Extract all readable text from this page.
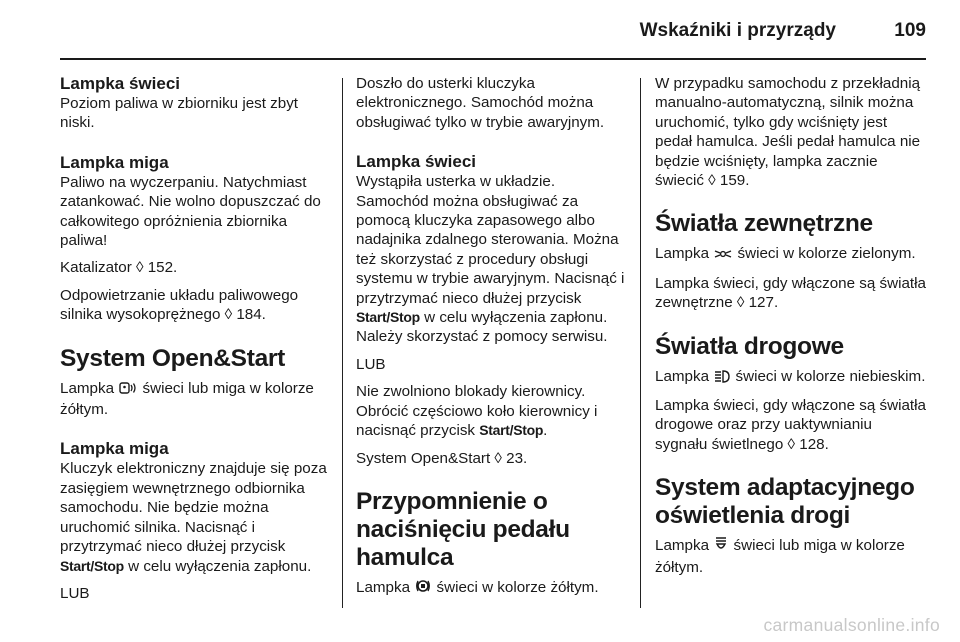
Wskaźniki i przyrządy	109
Lampka świeci

Poziom paliwa w zbiorniku jest zbyt niski.

Lampka miga

Paliwo na wyczerpaniu. Natychmiast zatankować. Nie wolno dopuszczać do całkowitego opróżnienia zbiornika paliwa!

Katalizator ◊ 152.

Odpowietrzanie układu paliwowego silnika wysokoprężnego ◊ 184.

System Open&Start

Lampka świeci lub miga w kolorze żółtym.

Lampka miga

Kluczyk elektroniczny znajduje się poza zasięgiem wewnętrznego odbiornika samochodu. Nie będzie można uruchomić silnika. Nacisnąć i przytrzymać nieco dłużej przycisk Start/Stop w celu wyłączenia zapłonu.

LUB

Doszło do usterki kluczyka elektronicznego. Samochód można obsługiwać tylko w trybie awaryjnym.

Lampka świeci

Wystąpiła usterka w układzie. Samochód można obsługiwać za pomocą kluczyka zapasowego albo nadajnika zdalnego sterowania. Można też skorzystać z procedury obsługi systemu w trybie awaryjnym. Nacisnąć i przytrzymać nieco dłużej przycisk Start/Stop w celu wyłączenia zapłonu. Należy skorzystać z pomocy serwisu.

LUB

Nie zwolniono blokady kierownicy. Obrócić częściowo koło kierownicy i nacisnąć przycisk Start/Stop.

System Open&Start ◊ 23.

Przypomnienie o naciśnięciu pedału hamulca

Lampka świeci w kolorze żółtym.

W przypadku samochodu z przekładnią manualno-automatyczną, silnik można uruchomić, tylko gdy wciśnięty jest pedał hamulca. Jeśli pedał hamulca nie będzie wciśnięty, lampka zacznie świecić ◊ 159.

Światła zewnętrzne

Lampka świeci w kolorze zielonym.

Lampka świeci, gdy włączone są światła zewnętrzne ◊ 127.

Światła drogowe

Lampka świeci w kolorze niebieskim.

Lampka świeci, gdy włączone są światła drogowe oraz przy uaktywnianiu sygnału świetlnego ◊ 128.

System adaptacyjnego oświetlenia drogi

Lampka świeci lub miga w kolorze żółtym.

carmanualsonline.info
